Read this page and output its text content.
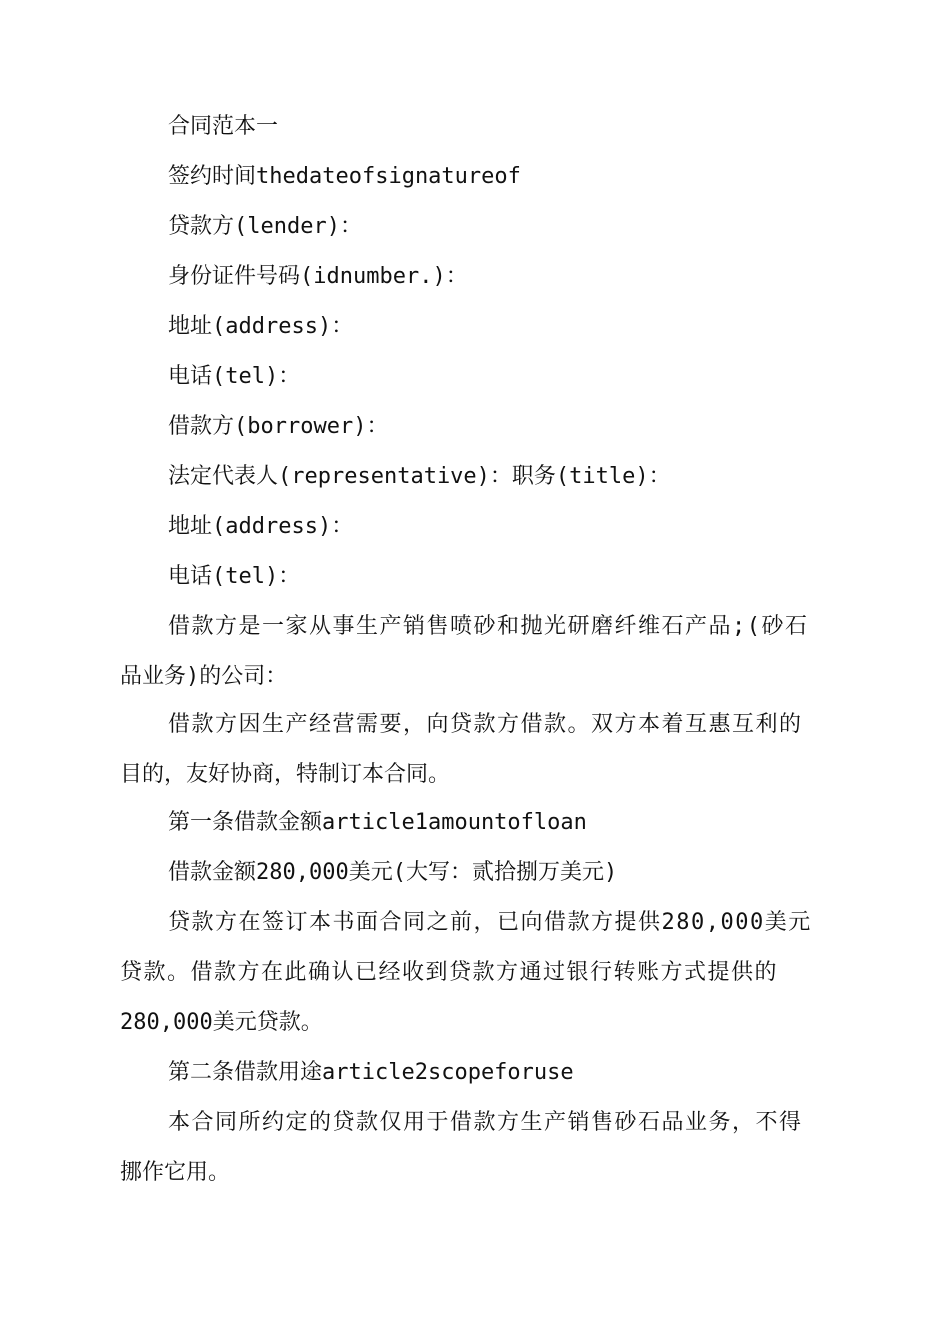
合同范本一
签约时间thedateofsignatureof
贷款方(lender)：
身份证件号码(idnumber.)：
地址(address)：
电话(tel)：
借款方(borrower)：
法定代表人(representative)：职务(title)：
地址(address)：
电话(tel)：
借款方是一家从事生产销售喷砂和抛光研磨纤维石产品;(砂石
品业务)的公司：
借款方因生产经营需要，向贷款方借款。双方本着互惠互利的
目的，友好协商，特制订本合同。
第一条借款金额article1amountofloan
借款金额280,000美元(大写：贰拾捌万美元)
贷款方在签订本书面合同之前，已向借款方提供280,000美元
贷款。借款方在此确认已经收到贷款方通过银行转账方式提供的
280,000美元贷款。
第二条借款用途article2scopeforuse
本合同所约定的贷款仅用于借款方生产销售砂石品业务，不得
挪作它用。
